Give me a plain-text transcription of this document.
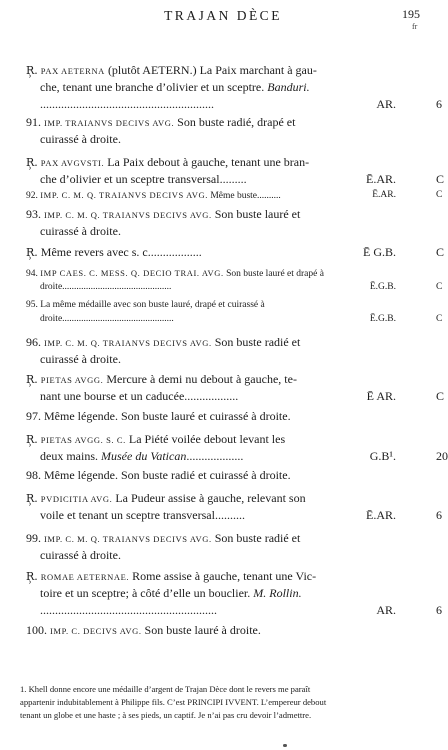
TRAJAN DÈCE	195
fr
R̹. PAX AETERNA (plutôt AETERN.) La Paix marchant à gau-
che, tenant une branche d’olivier et un sceptre. Banduri.
..........................................................	AR.	6
91. IMP. TRAIANVS DECIVS AVG. Son buste radié, drapé et
cuirassé à droite.
R̹. PAX AVGVSTI. La Paix debout à gauche, tenant une bran-
che d’olivier et un sceptre transversal.........	Ē.AR.	C
92. IMP. C. M. Q. TRAIANVS DECIVS AVG. Même buste..........	Ē.AR.	C
93. IMP. C. M. Q. TRAIANVS DECIVS AVG. Son buste lauré et
cuirassé à droite.
R̹. Même revers avec s. c..................	Ē G.B.	C
94. IMP CAES. C. MESS. Q. DECIO TRAI. AVG. Son buste lauré et drapé à
droite..............................................	Ē.G.B.	C
95. La même médaille avec son buste lauré, drapé et cuirassé à
droite...............................................	Ē.G.B.	C
96. IMP. C. M. Q. TRAIANVS DECIVS AVG. Son buste radié et
cuirassé à droite.
R̹. PIETAS AVGG. Mercure à demi nu debout à gauche, te-
nant une bourse et un caducée..................	Ē AR.	C
97. Même légende. Son buste lauré et cuirassé à droite.
R̹. PIETAS AVGG. S. C. La Piété voilée debout levant les
deux mains. Musée du Vatican...................	G.B¹.	20
98. Même légende. Son buste radié et cuirassé à droite.
R̹. PVDICITIA AVG. La Pudeur assise à gauche, relevant son
voile et tenant un sceptre transversal..........	Ē.AR.	6
99. IMP. C. M. Q. TRAIANVS DECIVS AVG. Son buste radié et
cuirassé à droite.
R̹. ROMAE AETERNAE. Rome assise à gauche, tenant une Vic-
toire et un sceptre; à côté d’elle un bouclier. M. Rollin.
...........................................................	AR.	6
100. IMP. C. DECIVS AVG. Son buste lauré à droite.
1. Khell donne encore une médaille d’argent de Trajan Dèce dont le revers me paraît
appartenir indubitablement à Philippe fils. C’est PRINCIPI IVVENT. L’empereur debout
tenant un globe et une haste ; à ses pieds, un captif. Je n’ai pas cru devoir l’admettre.
